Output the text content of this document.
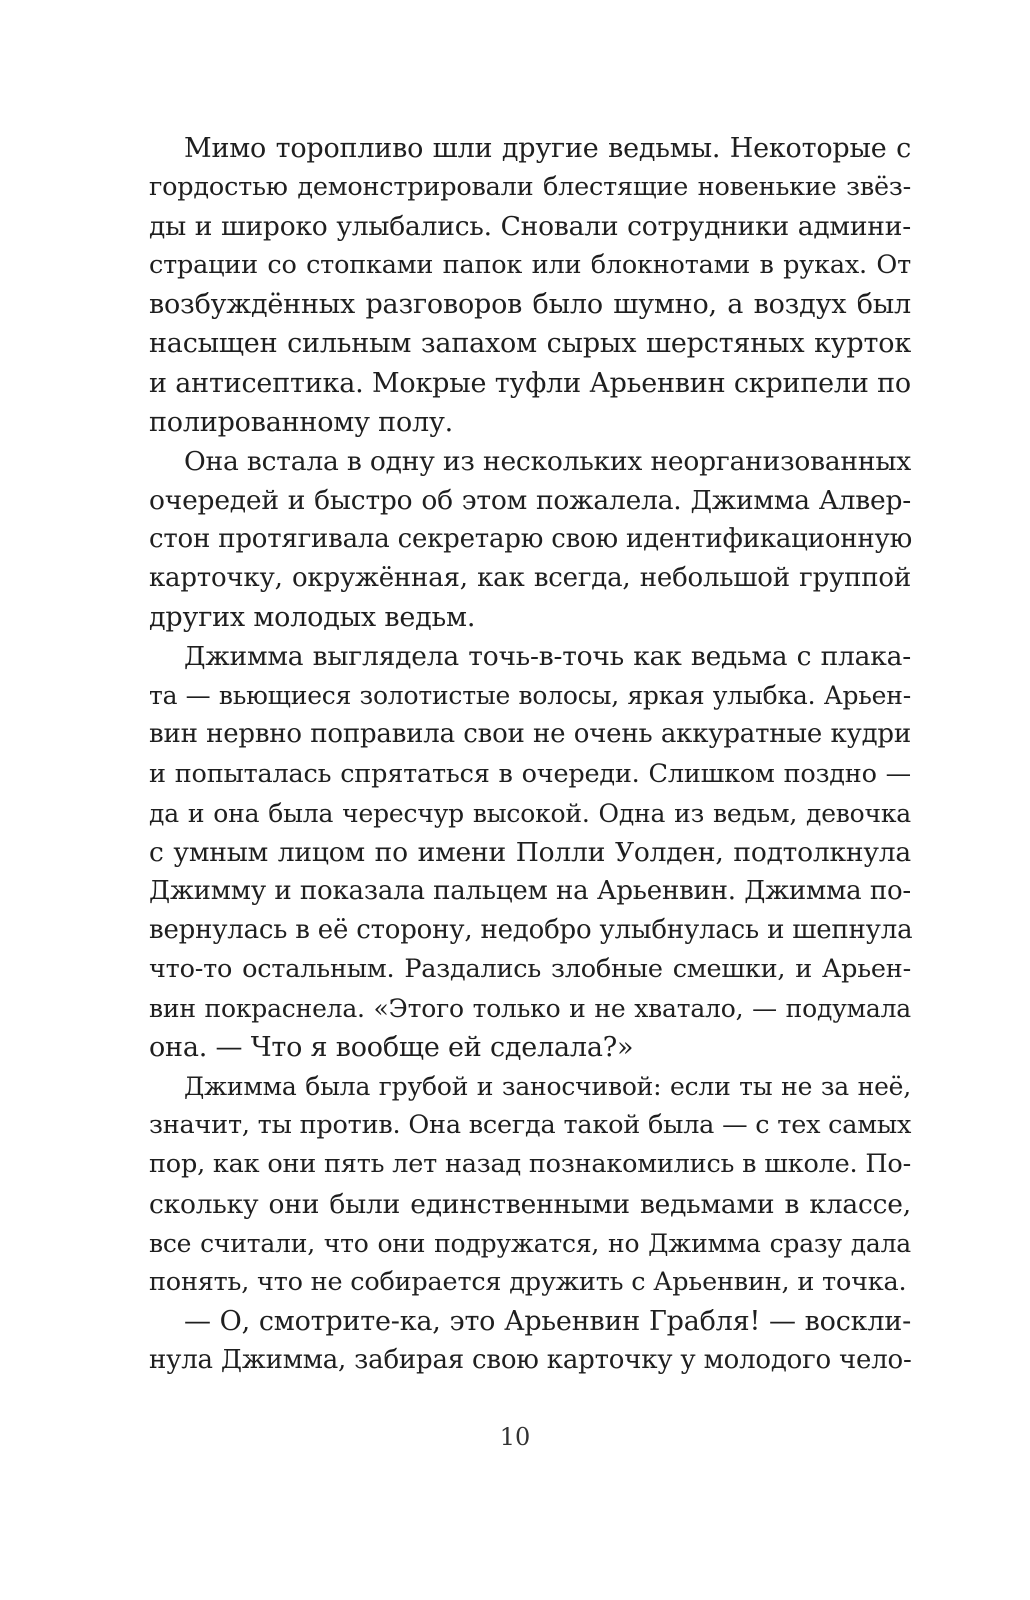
Мимо торопливо шли другие ведьмы. Некоторые с
гордостью демонстрировали блестящие новенькие звёз-
ды и широко улыбались. Сновали сотрудники админи-
страции со стопками папок или блокнотами в руках. От
возбуждённых разговоров было шумно, а воздух был
насыщен сильным запахом сырых шерстяных курток
и антисептика. Мокрые туфли Арьенвин скрипели по
полированному полу.
Она встала в одну из нескольких неорганизованных
очередей и быстро об этом пожалела. Джимма Алвер-
стон протягивала секретарю свою идентификационную
карточку, окружённая, как всегда, небольшой группой
других молодых ведьм.
Джимма выглядела точь-в-точь как ведьма с плака-
та — вьющиеся золотистые волосы, яркая улыбка. Арьен-
вин нервно поправила свои не очень аккуратные кудри
и попыталась спрятаться в очереди. Слишком поздно —
да и она была чересчур высокой. Одна из ведьм, девочка
с умным лицом по имени Полли Уолден, подтолкнула
Джимму и показала пальцем на Арьенвин. Джимма по-
вернулась в её сторону, недобро улыбнулась и шепнула
что-то остальным. Раздались злобные смешки, и Арьен-
вин покраснела. «Этого только и не хватало, — подумала
она. — Что я вообще ей сделала?»
Джимма была грубой и заносчивой: если ты не за неё,
значит, ты против. Она всегда такой была — с тех самых
пор, как они пять лет назад познакомились в школе. По-
скольку они были единственными ведьмами в классе,
все считали, что они подружатся, но Джимма сразу дала
понять, что не собирается дружить с Арьенвин, и точка.
— О, смотрите-ка, это Арьенвин Грабля! — воскли-
нула Джимма, забирая свою карточку у молодого чело-
10
